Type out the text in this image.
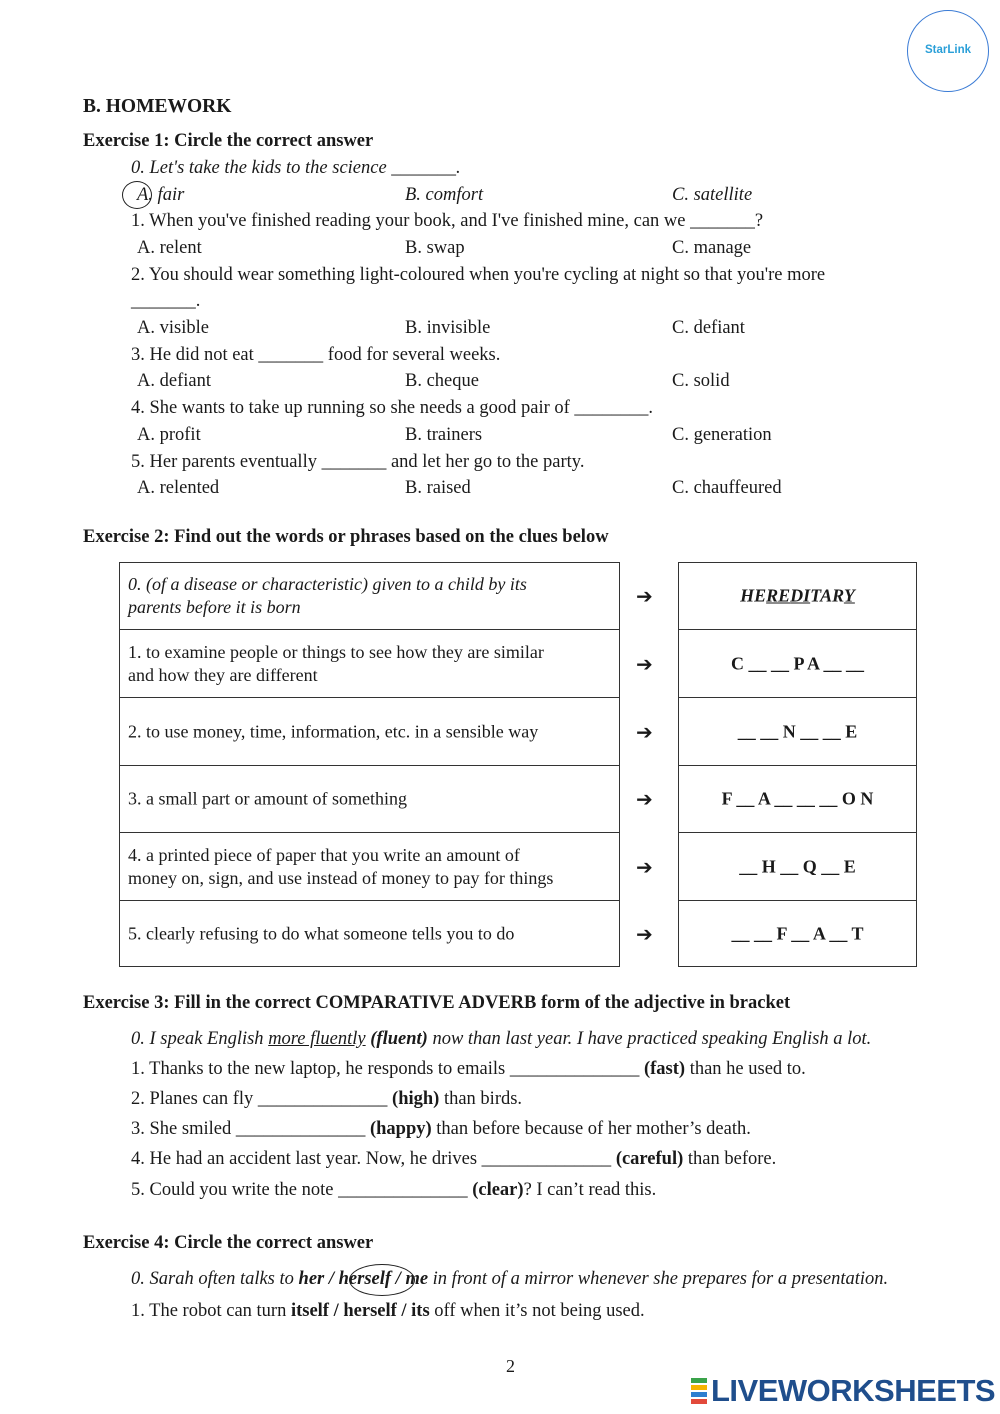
StarLink
B. HOMEWORK
Exercise 1: Circle the correct answer
0. Let's take the kids to the science _______.
A. fair	B. comfort	C. satellite
1. When you've finished reading your book, and I've finished mine, can we _______?
A. relent	B. swap	C. manage
2. You should wear something light-coloured when you're cycling at night so that you're more
_______.
A. visible	B. invisible	C. defiant
3. He did not eat _______ food for several weeks.
A. defiant	B. cheque	C. solid
4. She wants to take up running so she needs a good pair of ________.
A. profit	B. trainers	C. generation
5. Her parents eventually _______ and let her go to the party.
A. relented	B. raised	C. chauffeured
Exercise 2: Find out the words or phrases based on the clues below
0. (of a disease or characteristic) given to a child by its
parents before it is born	➔	HEREDITARY
1. to examine people or things to see how they are similar
and how they are different	➔	C __ __ P A __ __
2. to use money, time, information, etc. in a sensible way	➔	__ __ N __ __ E
3. a small part or amount of something	➔	F __ A __ __ __ O N
4. a printed piece of paper that you write an amount of
money on, sign, and use instead of money to pay for things	➔	__ H __ Q __ E
5. clearly refusing to do what someone tells you to do	➔	__ __ F __ A __ T
Exercise 3: Fill in the correct COMPARATIVE ADVERB form of the adjective in bracket
0. I speak English more fluently (fluent) now than last year. I have practiced speaking English a lot.
1. Thanks to the new laptop, he responds to emails ______________ (fast) than he used to.
2. Planes can fly ______________ (high) than birds.
3. She smiled ______________ (happy) than before because of her mother’s death.
4. He had an accident last year. Now, he drives ______________ (careful) than before.
5. Could you write the note ______________ (clear)? I can’t read this.
Exercise 4: Circle the correct answer
0. Sarah often talks to her / herself / me in front of a mirror whenever she prepares for a presentation.
1. The robot can turn itself / herself / its off when it’s not being used.
2
LIVEWORKSHEETS
